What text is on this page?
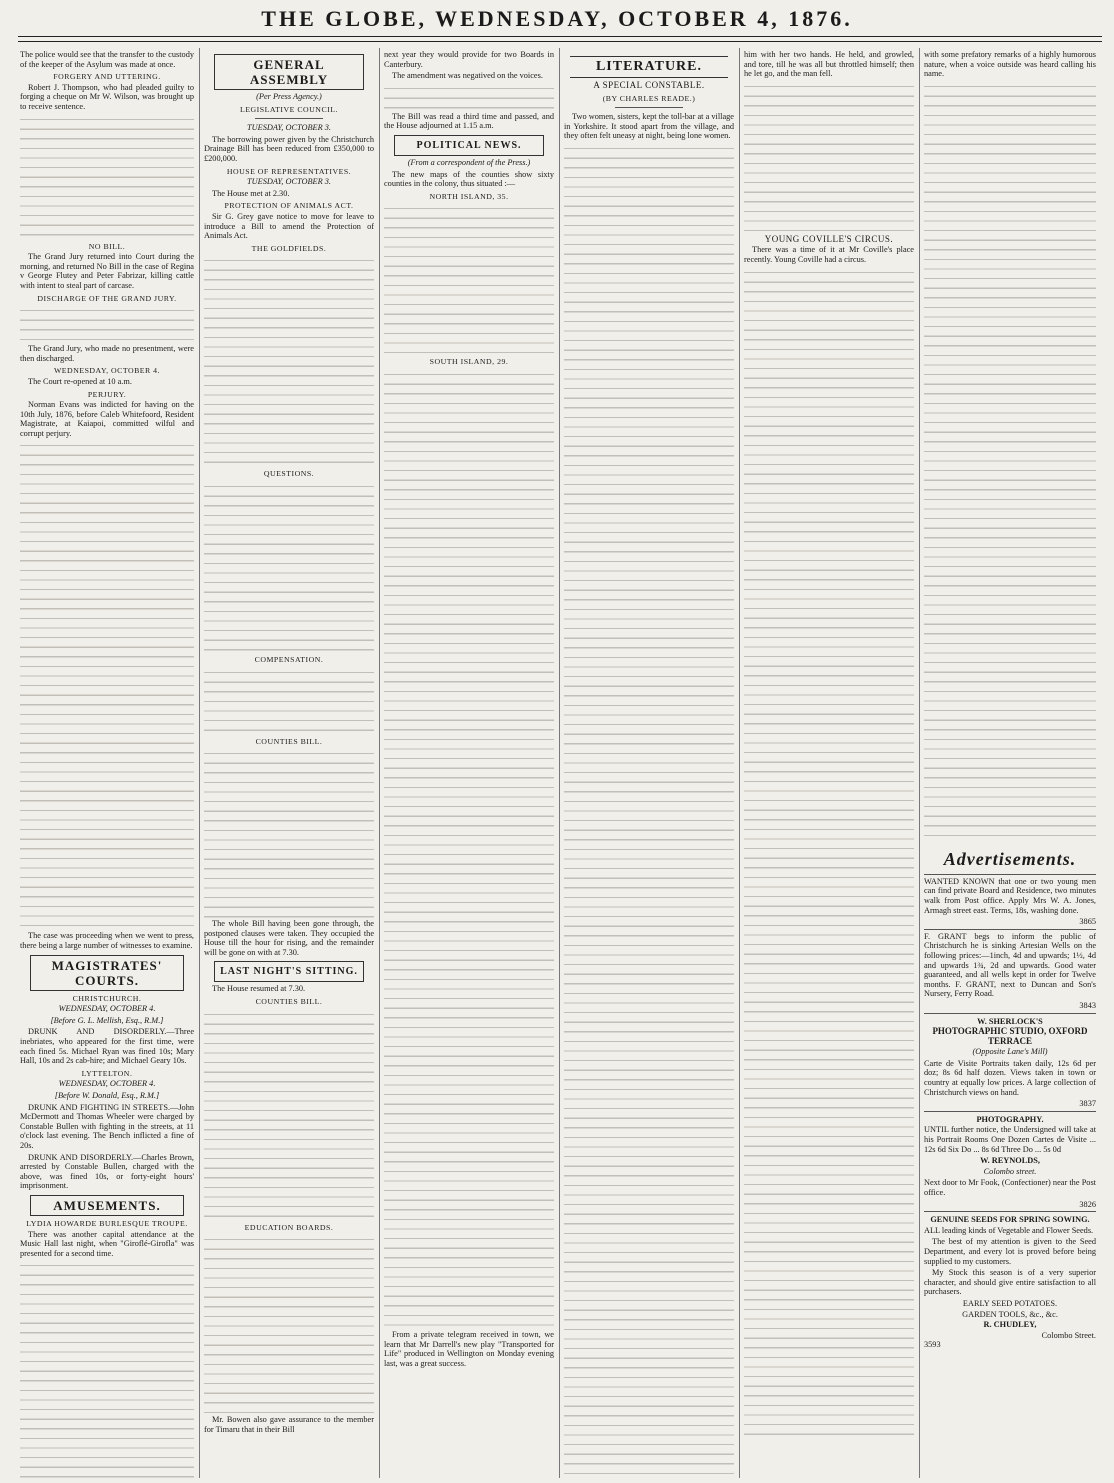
THE GLOBE, WEDNESDAY, OCTOBER 4, 1876.

The police would see that the transfer to the custody of the keeper of the Asylum was made at once.

FORGERY AND UTTERING.

Robert J. Thompson, who had pleaded guilty to forging a cheque on Mr W. Wilson, was brought up to receive sentence.

NO BILL.

The Grand Jury returned into Court during the morning, and returned No Bill in the case of Regina v George Flutey and Peter Fabrizar, killing cattle with intent to steal part of carcase.

DISCHARGE OF THE GRAND JURY.

The Grand Jury, who made no presentment, were then discharged.

WEDNESDAY, OCTOBER 4.

The Court re-opened at 10 a.m.

PERJURY.

Norman Evans was indicted for having on the 10th July, 1876, before Caleb Whitefoord, Resident Magistrate, at Kaiapoi, committed wilful and corrupt perjury.

The case was proceeding when we went to press, there being a large number of witnesses to examine.

MAGISTRATES' COURTS.
CHRISTCHURCH.
WEDNESDAY, OCTOBER 4.
[Before G. L. Mellish, Esq., R.M.]

DRUNK AND DISORDERLY.—Three inebriates, who appeared for the first time, were each fined 5s. Michael Ryan was fined 10s; Mary Hall, 10s and 2s cab-hire; and Michael Geary 10s.

LYTTELTON.
WEDNESDAY, OCTOBER 4.
[Before W. Donald, Esq., R.M.]

DRUNK AND FIGHTING IN STREETS.—John McDermott and Thomas Wheeler were charged by Constable Bullen with fighting in the streets, at 11 o'clock last evening. The Bench inflicted a fine of 20s.

DRUNK AND DISORDERLY.—Charles Brown, arrested by Constable Bullen, charged with the above, was fined 10s, or forty-eight hours' imprisonment.

AMUSEMENTS.
LYDIA HOWARDE BURLESQUE TROUPE.

There was another capital attendance at the Music Hall last night, when "Giroflé-Girofla" was presented for a second time.

GENERAL ASSEMBLY
(Per Press Agency.)
LEGISLATIVE COUNCIL.
TUESDAY, OCTOBER 3.

The borrowing power given by the Christchurch Drainage Bill has been reduced from £350,000 to £200,000.

HOUSE OF REPRESENTATIVES.
TUESDAY, OCTOBER 3.

The House met at 2.30.

PROTECTION OF ANIMALS ACT.

Sir G. Grey gave notice to move for leave to introduce a Bill to amend the Protection of Animals Act.

THE GOLDFIELDS.
QUESTIONS.
COMPENSATION.
COUNTIES BILL.

The whole Bill having been gone through, the postponed clauses were taken. They occupied the House till the hour for rising, and the remainder will be gone on with at 7.30.

LAST NIGHT'S SITTING.

The House resumed at 7.30.

COUNTIES BILL.
EDUCATION BOARDS.

Mr. Bowen also gave assurance to the member for Timaru that in their Bill

next year they would provide for two Boards in Canterbury.

The amendment was negatived on the voices.

The Bill was read a third time and passed, and the House adjourned at 1.15 a.m.

POLITICAL NEWS.
(From a correspondent of the Press.)

The new maps of the counties show sixty counties in the colony, thus situated :—

NORTH ISLAND, 35.
SOUTH ISLAND, 29.

From a private telegram received in town, we learn that Mr Darrell's new play "Transported for Life" produced in Wellington on Monday evening last, was a great success.

LITERATURE.
A SPECIAL CONSTABLE.
(BY CHARLES READE.)

Two women, sisters, kept the toll-bar at a village in Yorkshire. It stood apart from the village, and they often felt uneasy at night, being lone women.

him with her two hands. He held, and growled, and tore, till he was all but throttled himself; then he let go, and the man fell.

YOUNG COVILLE'S CIRCUS.

There was a time of it at Mr Coville's place recently. Young Coville had a circus.

with some prefatory remarks of a highly humorous nature, when a voice outside was heard calling his name.

Advertisements.

WANTED KNOWN that one or two young men can find private Board and Residence, two minutes walk from Post office. Apply Mrs W. A. Jones, Armagh street east. Terms, 18s, washing done.

3865

F. GRANT begs to inform the public of Christchurch he is sinking Artesian Wells on the following prices:—1inch, 4d and upwards; 1½, 4d and upwards 1¾, 2d and upwards. Good water guaranteed, and all wells kept in order for Twelve months. F. GRANT, next to Duncan and Son's Nursery, Ferry Road.

3843
W. SHERLOCK'S
PHOTOGRAPHIC STUDIO, OXFORD TERRACE
(Opposite Lane's Mill)

Carte de Visite Portraits taken daily, 12s 6d per doz; 8s 6d half dozen. Views taken in town or country at equally low prices. A large collection of Christchurch views on hand.

3837
PHOTOGRAPHY.

UNTIL further notice, the Undersigned will take at his Portrait Rooms One Dozen Cartes de Visite ... 12s 6d Six Do ... 8s 6d Three Do ... 5s 0d

W. REYNOLDS,
Colombo street.

Next door to Mr Fook, (Confectioner) near the Post office.

3826
GENUINE SEEDS FOR SPRING SOWING.

ALL leading kinds of Vegetable and Flower Seeds.

The best of my attention is given to the Seed Department, and every lot is proved before being supplied to my customers.

My Stock this season is of a very superior character, and should give entire satisfaction to all purchasers.

EARLY SEED POTATOES.
GARDEN TOOLS, &c., &c.
R. CHUDLEY,
Colombo Street.
3593
